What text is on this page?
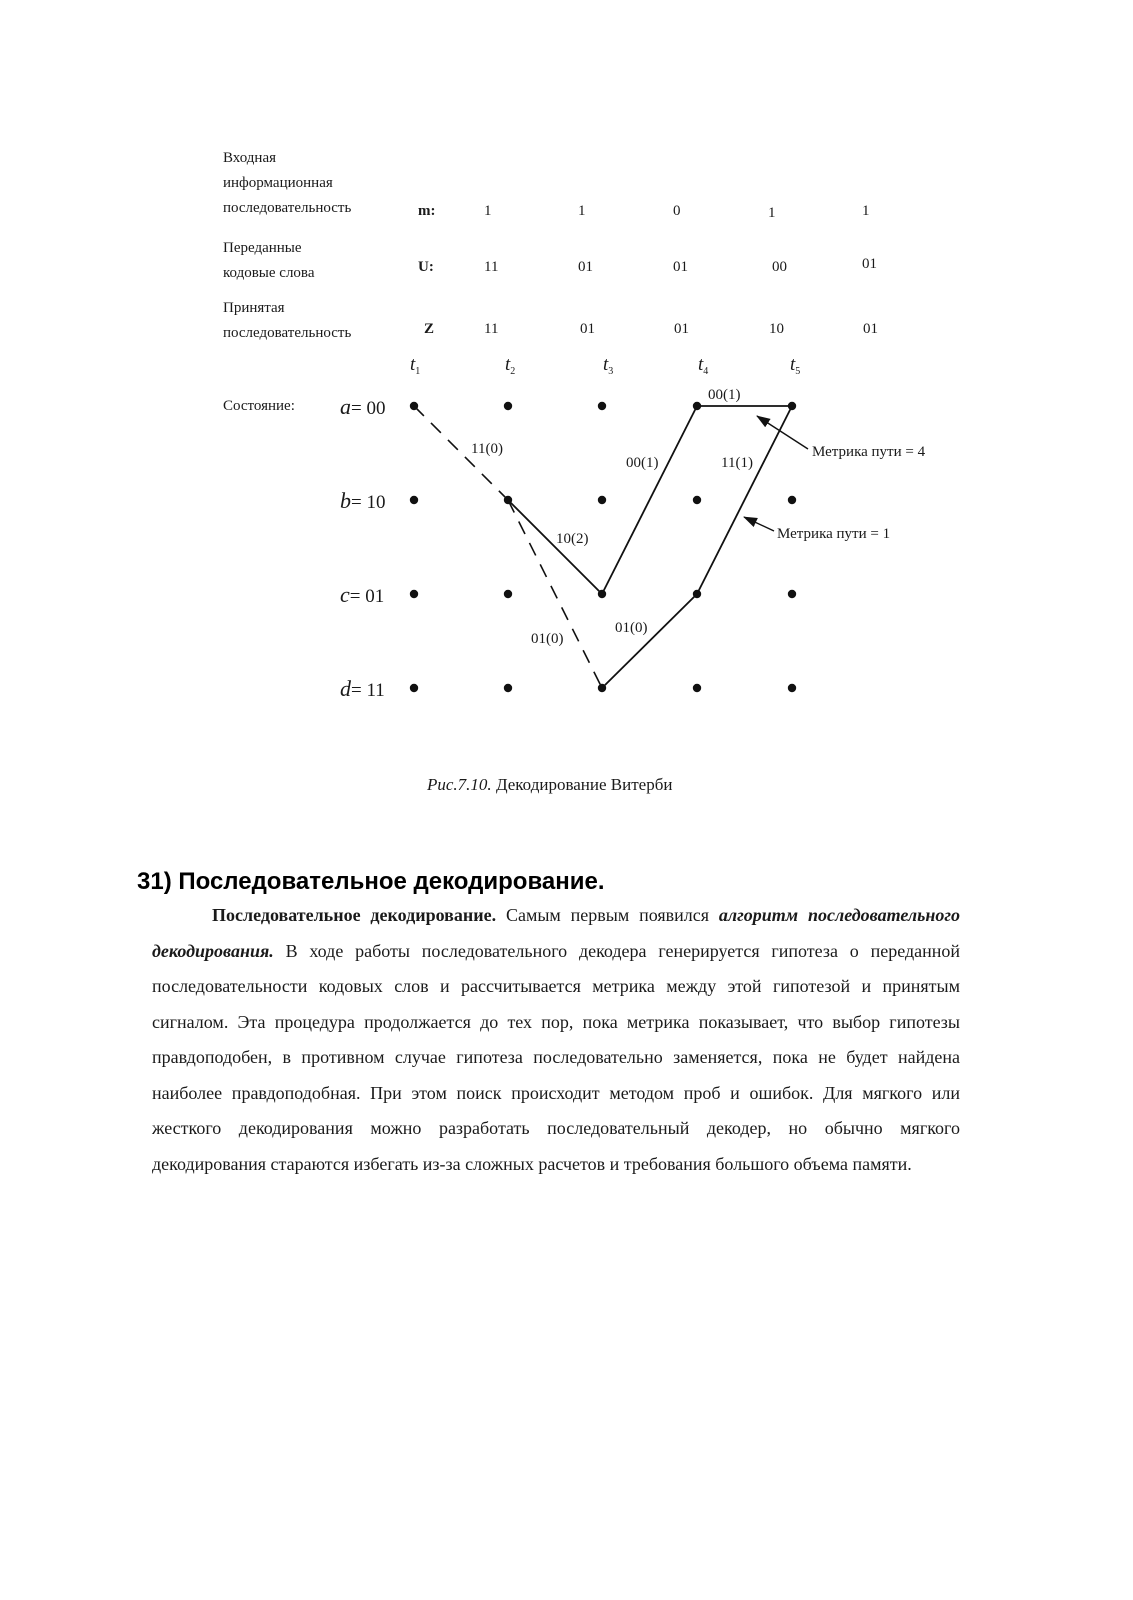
Входная
информационная
последовательность	m:	1	1	0	1	1
Переданные
кодовые слова	U:	11	01	01	00	01
Принятая
последовательность	Z	11	01	01	10	01
$t_1$	$t_2$	$t_3$	$t_4$	$t_5$
Состояние: a= 00
b= 10
c= 01
d= 11
11(0)
01(0)
10(2)
00(1)
00(1)
01(0)
11(1)
Метрика пути = 4
Метрика пути = 1
Рис.7.10. Декодирование Витерби
31) Последовательное декодирование.
Последовательное декодирование. Самым первым появился алгоритм последовательного декодирования. В ходе работы последовательного декодера генерируется гипотеза о переданной последовательности кодовых слов и рассчитывается метрика между этой гипотезой и принятым сигналом. Эта процедура продолжается до тех пор, пока метрика показывает, что выбор гипотезы правдоподобен, в противном случае гипотеза последовательно заменяется, пока не будет найдена наиболее правдоподобная. При этом поиск происходит методом проб и ошибок. Для мягкого или жесткого декодирования можно разработать последовательный декодер, но обычно мягкого декодирования стараются избегать из-за сложных расчетов и требования большого объема памяти.
